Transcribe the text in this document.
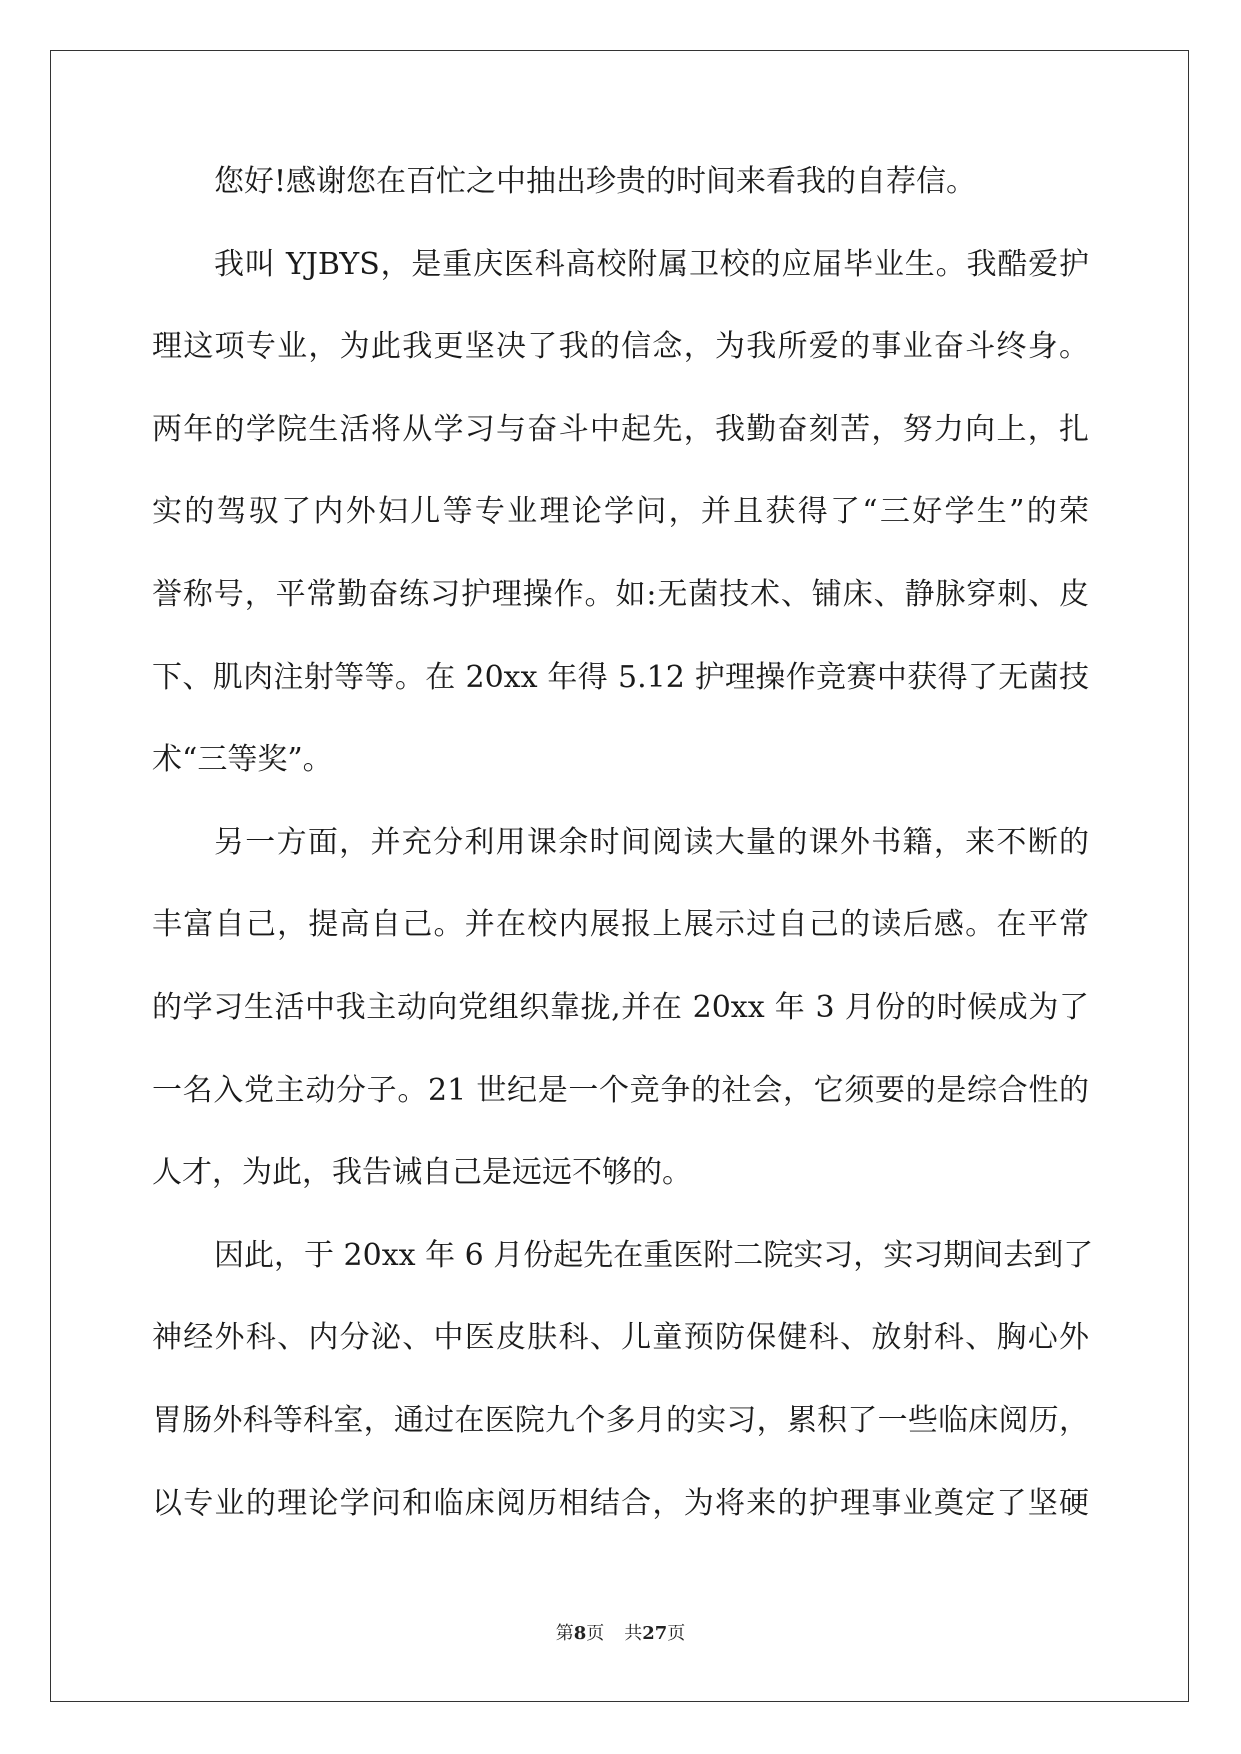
您好!感谢您在百忙之中抽出珍贵的时间来看我的自荐信。
我叫 YJBYS，是重庆医科高校附属卫校的应届毕业生。我酷爱护
理这项专业，为此我更坚决了我的信念，为我所爱的事业奋斗终身。
两年的学院生活将从学习与奋斗中起先，我勤奋刻苦，努力向上，扎
实的驾驭了内外妇儿等专业理论学问，并且获得了“三好学生”的荣
誉称号，平常勤奋练习护理操作。如:无菌技术、铺床、静脉穿刺、皮
下、肌肉注射等等。在 20xx 年得 5.12 护理操作竞赛中获得了无菌技
术“三等奖”。
另一方面，并充分利用课余时间阅读大量的课外书籍，来不断的
丰富自己，提高自己。并在校内展报上展示过自己的读后感。在平常
的学习生活中我主动向党组织靠拢,并在 20xx 年 3 月份的时候成为了
一名入党主动分子。21 世纪是一个竞争的社会，它须要的是综合性的
人才，为此，我告诫自己是远远不够的。
因此，于 20xx 年 6 月份起先在重医附二院实习，实习期间去到了
神经外科、内分泌、中医皮肤科、儿童预防保健科、放射科、胸心外
胃肠外科等科室，通过在医院九个多月的实习，累积了一些临床阅历，
以专业的理论学问和临床阅历相结合，为将来的护理事业奠定了坚硬
第8页 共27页
